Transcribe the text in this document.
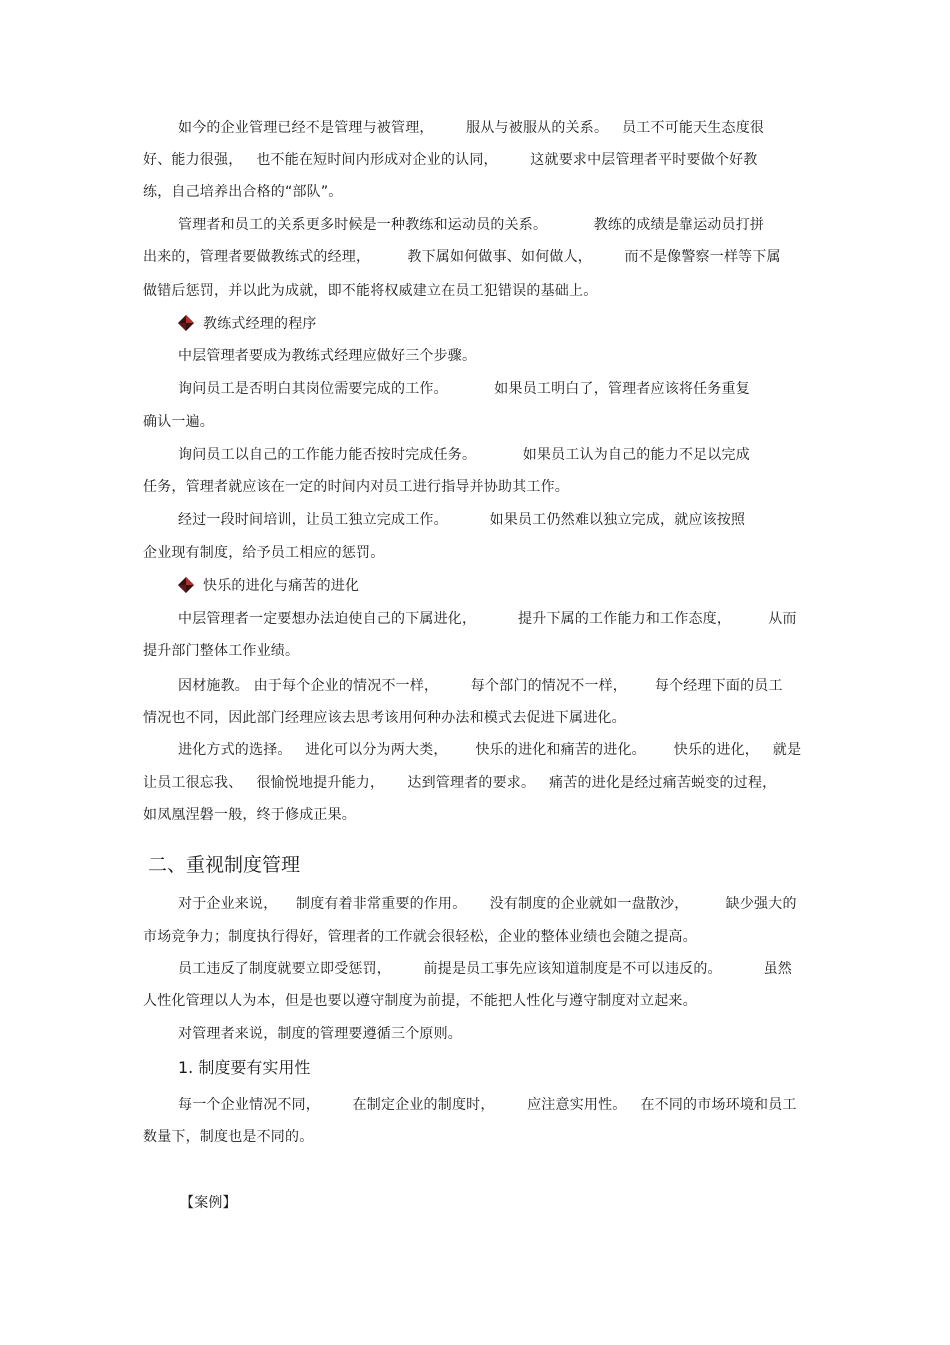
如今的企业管理已经不是管理与被管理，       服从与被服从的关系。   员工不可能天生态度很
好、能力很强，   也不能在短时间内形成对企业的认同，       这就要求中层管理者平时要做个好教
练，自己培养出合格的“部队”。
管理者和员工的关系更多时候是一种教练和运动员的关系。          教练的成绩是靠运动员打拼
出来的，管理者要做教练式的经理，        教下属如何做事、如何做人，       而不是像警察一样等下属
做错后惩罚，并以此为成就，即不能将权威建立在员工犯错误的基础上。
教练式经理的程序
中层管理者要成为教练式经理应做好三个步骤。
询问员工是否明白其岗位需要完成的工作。          如果员工明白了，管理者应该将任务重复
确认一遍。
询问员工以自己的工作能力能否按时完成任务。          如果员工认为自己的能力不足以完成
任务，管理者就应该在一定的时间内对员工进行指导并协助其工作。
经过一段时间培训，让员工独立完成工作。         如果员工仍然难以独立完成，就应该按照
企业现有制度，给予员工相应的惩罚。
快乐的进化与痛苦的进化
中层管理者一定要想办法迫使自己的下属进化，         提升下属的工作能力和工作态度，        从而
提升部门整体工作业绩。
因材施教。 由于每个企业的情况不一样，       每个部门的情况不一样，      每个经理下面的员工
情况也不同，因此部门经理应该去思考该用何种办法和模式去促进下属进化。
进化方式的选择。   进化可以分为两大类，      快乐的进化和痛苦的进化。      快乐的进化，   就是
让员工很忘我、   很愉悦地提升能力，     达到管理者的要求。   痛苦的进化是经过痛苦蜕变的过程，
如凤凰涅磐一般，终于修成正果。
二、重视制度管理
对于企业来说，    制度有着非常重要的作用。     没有制度的企业就如一盘散沙，        缺少强大的
市场竞争力；制度执行得好，管理者的工作就会很轻松，企业的整体业绩也会随之提高。
员工违反了制度就要立即受惩罚，       前提是员工事先应该知道制度是不可以违反的。         虽然
人性化管理以人为本，但是也要以遵守制度为前提，不能把人性化与遵守制度对立起来。
对管理者来说，制度的管理要遵循三个原则。
1. 制度要有实用性
每一个企业情况不同，       在制定企业的制度时，       应注意实用性。   在不同的市场环境和员工
数量下，制度也是不同的。
【案例】
